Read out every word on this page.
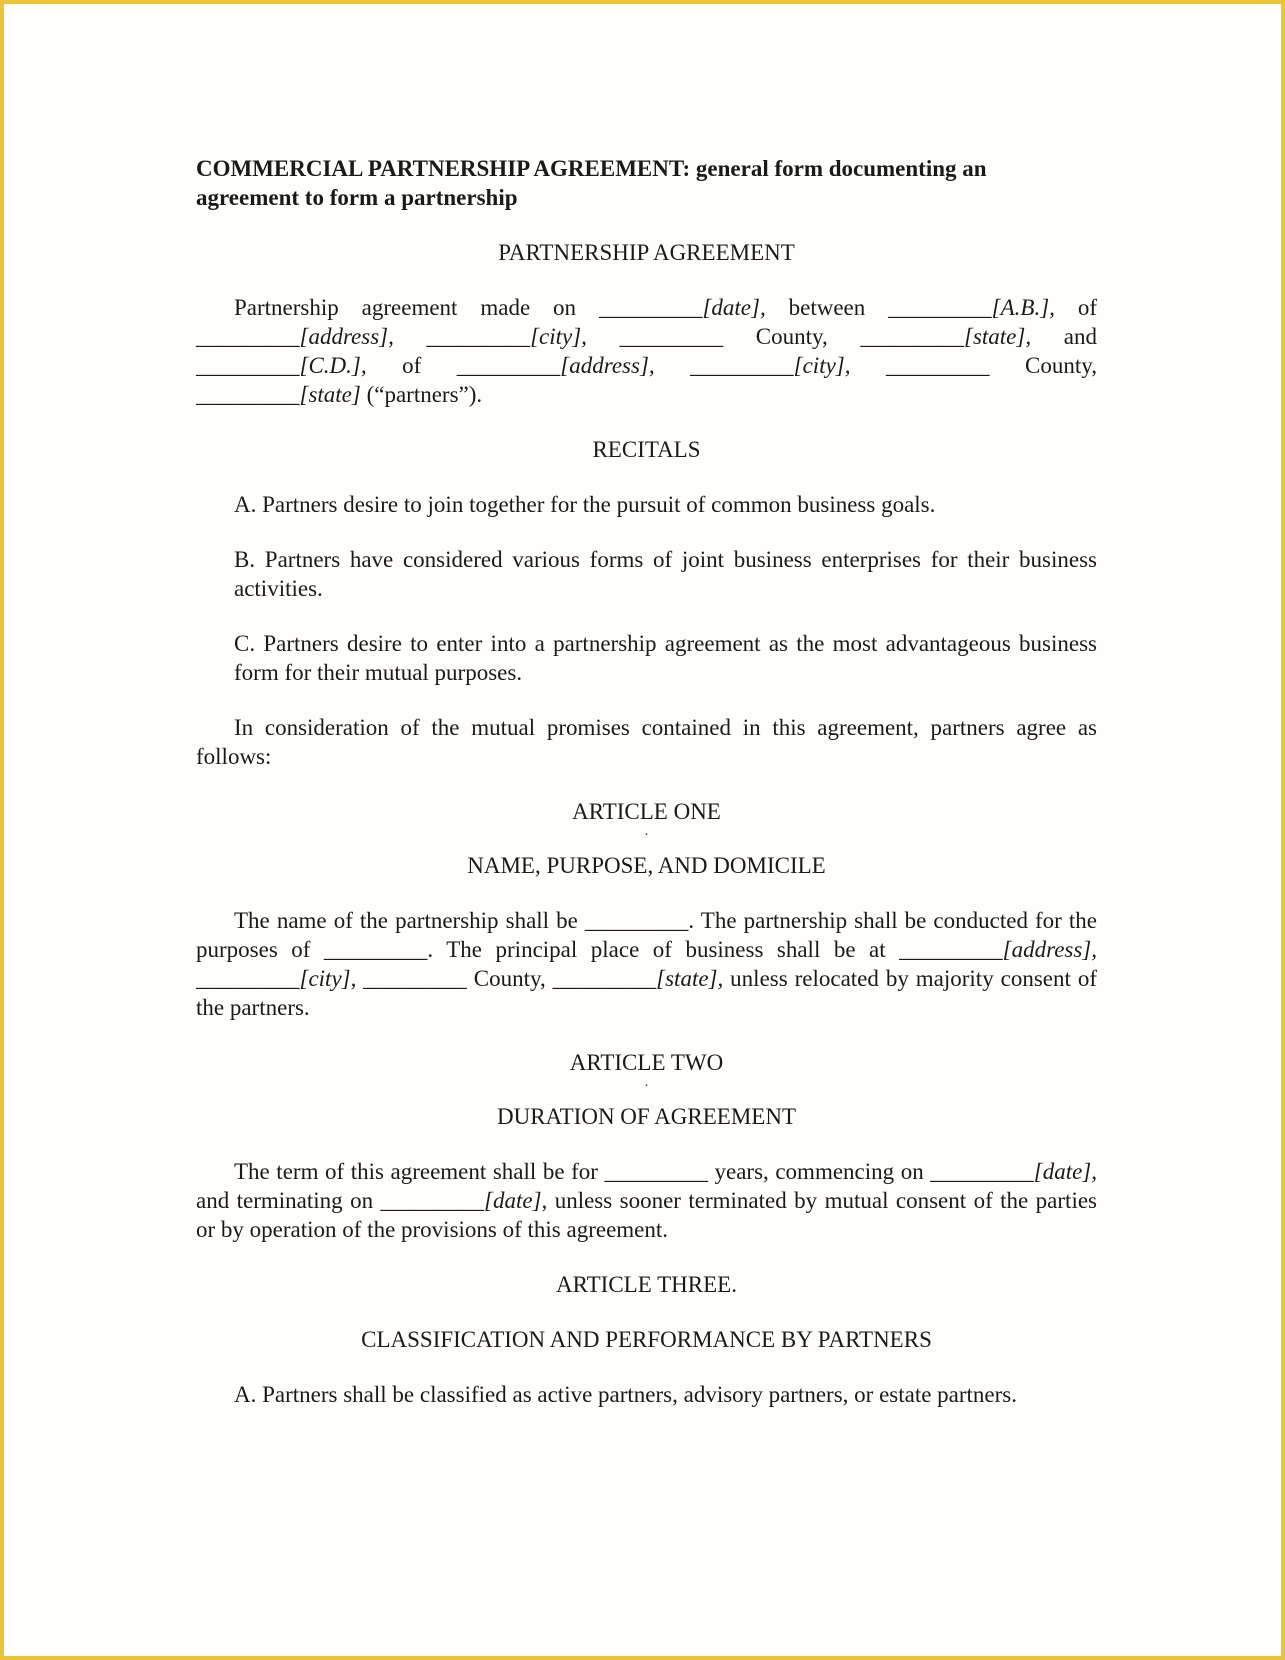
COMMERCIAL PARTNERSHIP AGREEMENT: general form documenting an
agreement to form a partnership

PARTNERSHIP AGREEMENT

Partnership agreement made on _________[date], between _________[A.B.], of _________[address], _________[city], _________ County, _________[state], and _________[C.D.], of _________[address], _________[city], _________ County, _________[state] (“partners”).

RECITALS

A. Partners desire to join together for the pursuit of common business goals.

B. Partners have considered various forms of joint business enterprises for their business activities.

C. Partners desire to enter into a partnership agreement as the most advantageous business form for their mutual purposes.

In consideration of the mutual promises contained in this agreement, partners agree as follows:

ARTICLE ONE

.

NAME, PURPOSE, AND DOMICILE

The name of the partnership shall be _________. The partnership shall be conducted for the purposes of _________. The principal place of business shall be at _________[address], _________[city], _________ County, _________[state], unless relocated by majority consent of the partners.

ARTICLE TWO

.

DURATION OF AGREEMENT

The term of this agreement shall be for _________ years, commencing on _________[date], and terminating on _________[date], unless sooner terminated by mutual consent of the parties or by operation of the provisions of this agreement.

ARTICLE THREE.

CLASSIFICATION AND PERFORMANCE BY PARTNERS

A. Partners shall be classified as active partners, advisory partners, or estate partners.
